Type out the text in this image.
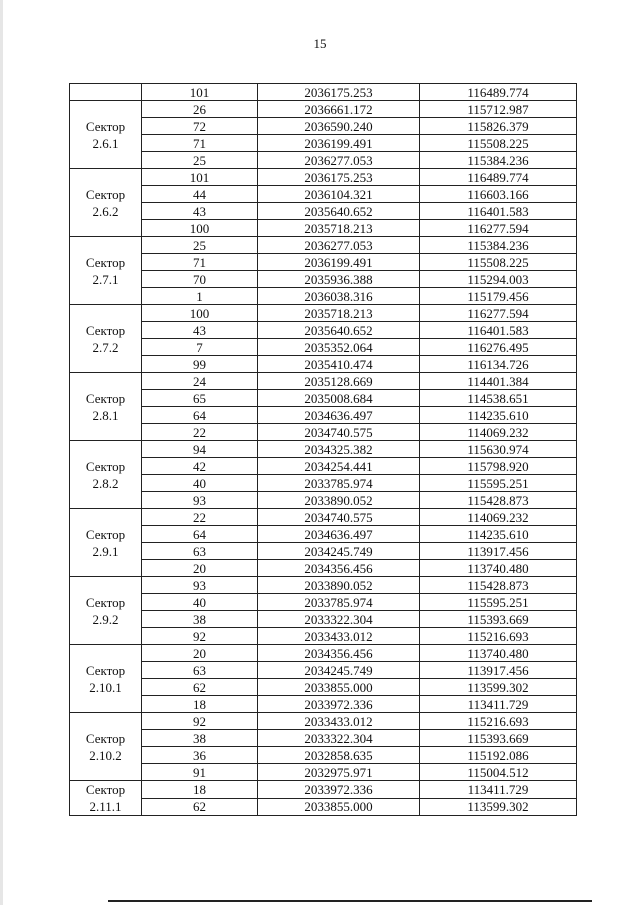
15
	101	2036175.253	116489.774

Сектор
2.6.1	26	2036661.172	115712.987
	72	2036590.240	115826.379
	71	2036199.491	115508.225
	25	2036277.053	115384.236

Сектор
2.6.2	101	2036175.253	116489.774
	44	2036104.321	116603.166
	43	2035640.652	116401.583
	100	2035718.213	116277.594

Сектор
2.7.1	25	2036277.053	115384.236
	71	2036199.491	115508.225
	70	2035936.388	115294.003
	1	2036038.316	115179.456

Сектор
2.7.2	100	2035718.213	116277.594
	43	2035640.652	116401.583
	7	2035352.064	116276.495
	99	2035410.474	116134.726

Сектор
2.8.1	24	2035128.669	114401.384
	65	2035008.684	114538.651
	64	2034636.497	114235.610
	22	2034740.575	114069.232

Сектор
2.8.2	94	2034325.382	115630.974
	42	2034254.441	115798.920
	40	2033785.974	115595.251
	93	2033890.052	115428.873

Сектор
2.9.1	22	2034740.575	114069.232
	64	2034636.497	114235.610
	63	2034245.749	113917.456
	20	2034356.456	113740.480

Сектор
2.9.2	93	2033890.052	115428.873
	40	2033785.974	115595.251
	38	2033322.304	115393.669
	92	2033433.012	115216.693

Сектор
2.10.1	20	2034356.456	113740.480
	63	2034245.749	113917.456
	62	2033855.000	113599.302
	18	2033972.336	113411.729

Сектор
2.10.2	92	2033433.012	115216.693
	38	2033322.304	115393.669
	36	2032858.635	115192.086
	91	2032975.971	115004.512

Сектор
2.11.1	18	2033972.336	113411.729
	62	2033855.000	113599.302
